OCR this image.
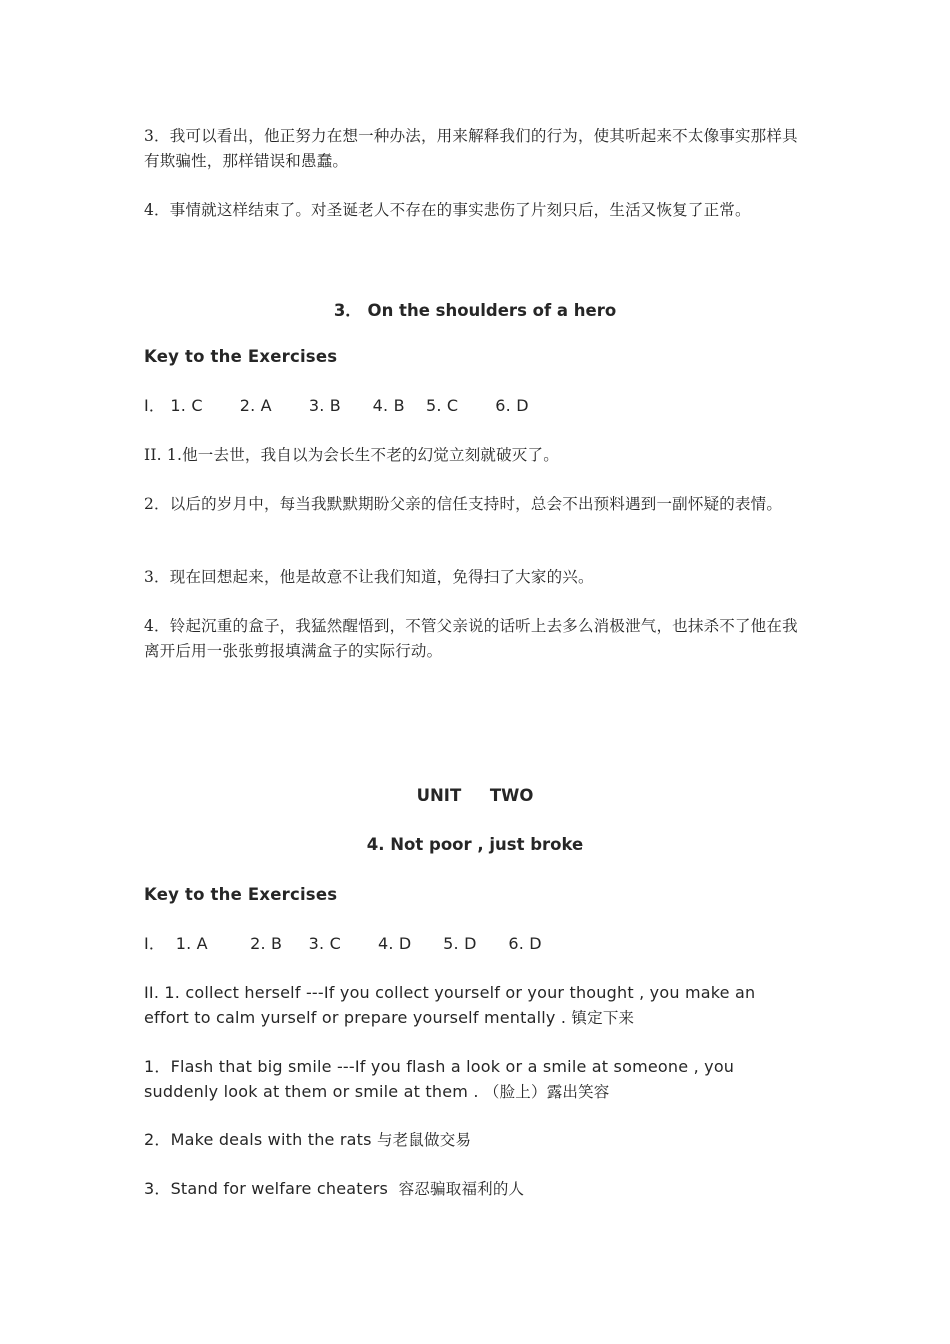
3．我可以看出，他正努力在想一种办法，用来解释我们的行为，使其听起来不太像事实那样具有欺骗性，那样错误和愚蠢。

4．事情就这样结束了。对圣诞老人不存在的事实悲伤了片刻只后，生活又恢复了正常。

3． On the shoulders of a hero

Key to the Exercises

I． 1. C       2. A       3. B      4. B    5. C       6. D

II. 1.他一去世，我自以为会长生不老的幻觉立刻就破灭了。

2．以后的岁月中，每当我默默期盼父亲的信任支持时，总会不出预料遇到一副怀疑的表情。

3．现在回想起来，他是故意不让我们知道，免得扫了大家的兴。

4．铃起沉重的盒子，我猛然醒悟到，不管父亲说的话听上去多么消极泄气，也抹杀不了他在我离开后用一张张剪报填满盒子的实际行动。

UNIT     TWO

4. Not poor , just broke

Key to the Exercises

I．  1. A        2. B     3. C       4. D      5. D      6. D

II. 1. collect herself ---If you collect yourself or your thought , you make an effort to calm yurself or prepare yourself mentally . 镇定下来

1．Flash that big smile ---If you flash a look or a smile at someone , you suddenly look at them or smile at them . （脸上）露出笑容

2．Make deals with the rats 与老鼠做交易

3．Stand for welfare cheaters  容忍骗取福利的人
